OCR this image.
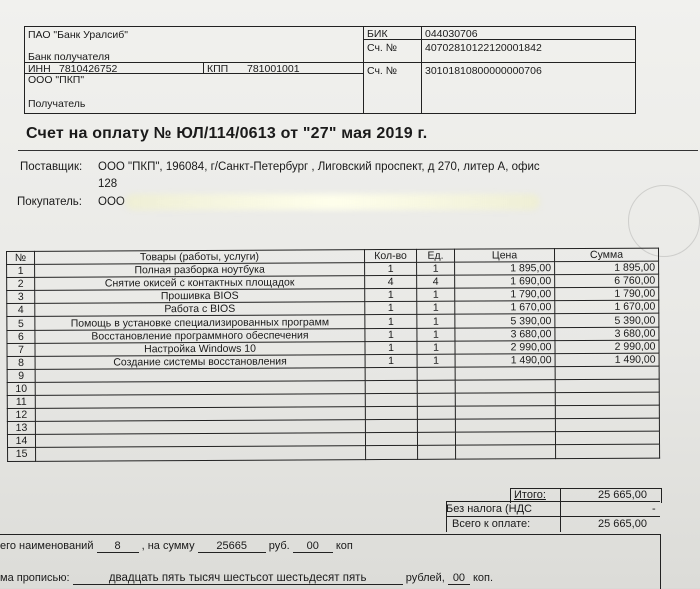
ПАО "Банк Уралсиб"
Банк получателя
БИК	044030706
Сч. №	40702810122120001842
ИНН 7810426752	КПП 781001001	Сч. №	30101810800000000706
ООО "ПКП"
Получатель
Счет на оплату № ЮЛ/114/0613 от "27" мая 2019 г.
Поставщик: ООО "ПКП", 196084, г/Санкт-Петербург , Лиговский проспект, д 270, литер А, офис
128
Покупатель: ООО
№	Товары (работы, услуги)	Кол-во	Ед.	Цена	Сумма
1	Полная разборка ноутбука	1	1	1 895,00	1 895,00
2	Снятие окисей с контактных площадок	4	4	1 690,00	6 760,00
3	Прошивка BIOS	1	1	1 790,00	1 790,00
4	Работа с BIOS	1	1	1 670,00	1 670,00
5	Помощь в установке специализированных программ	1	1	5 390,00	5 390,00
6	Восстановление программного обеспечения	1	1	3 680,00	3 680,00
7	Настройка Windows 10	1	1	2 990,00	2 990,00
8	Создание системы восстановления	1	1	1 490,00	1 490,00
9					
10					
11					
12					
13					
14					
15					
Итого:	25 665,00
Без налога (НДС	-
Всего к оплате:	25 665,00
его наименований 8 , на сумму 25665 руб. 00 коп
ма прописью:	двадцать пять тысяч шестьсот шестьдесят пять	рублей, 00 коп.
